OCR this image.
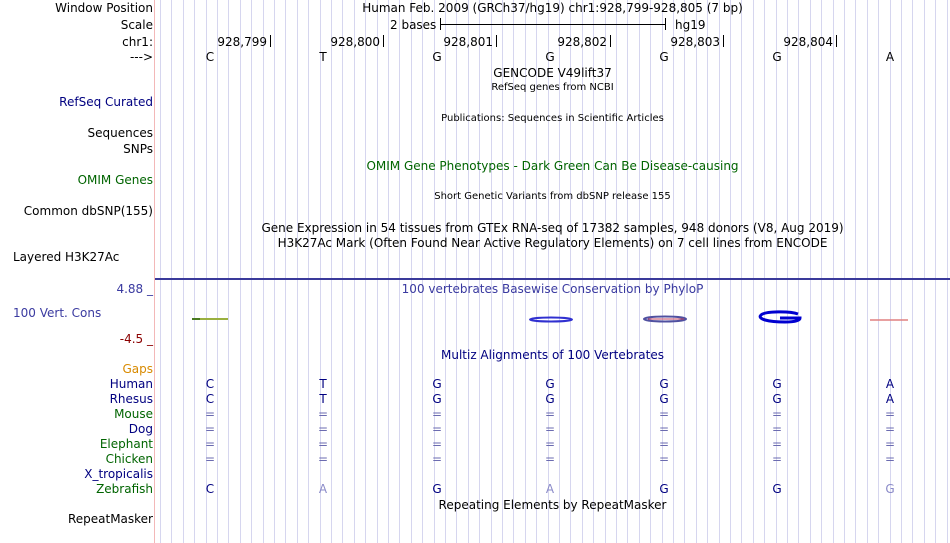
Window Position	Human Feb. 2009 (GRCh37/hg19) chr1:928,799-928,805 (7 bp)
Scale	2 bases	hg19
chr1:	928,799	928,800	928,801	928,802	928,803	928,804
--->	C	T	G	G	G	G	A
GENCODE V49lift37
RefSeq genes from NCBI
RefSeq Curated
Publications: Sequences in Scientific Articles
Sequences
SNPs
OMIM Gene Phenotypes - Dark Green Can Be Disease-causing
OMIM Genes
Short Genetic Variants from dbSNP release 155
Common dbSNP(155)
Gene Expression in 54 tissues from GTEx RNA-seq of 17382 samples, 948 donors (V8, Aug 2019)
H3K27Ac Mark (Often Found Near Active Regulatory Elements) on 7 cell lines from ENCODE
Layered H3K27Ac
100 vertebrates Basewise Conservation by PhyloP
4.88 _
100 Vert. Cons
-4.5 _
Multiz Alignments of 100 Vertebrates
Gaps
Human	C	T	G	G	G	G	A
Rhesus	C	T	G	G	G	G	A
Mouse	=	=	=	=	=	=	=
Dog	=	=	=	=	=	=	=
Elephant	=	=	=	=	=	=	=
Chicken	=	=	=	=	=	=	=
X_tropicalis
Zebrafish	C	A	G	A	G	G	G
Repeating Elements by RepeatMasker
RepeatMasker
